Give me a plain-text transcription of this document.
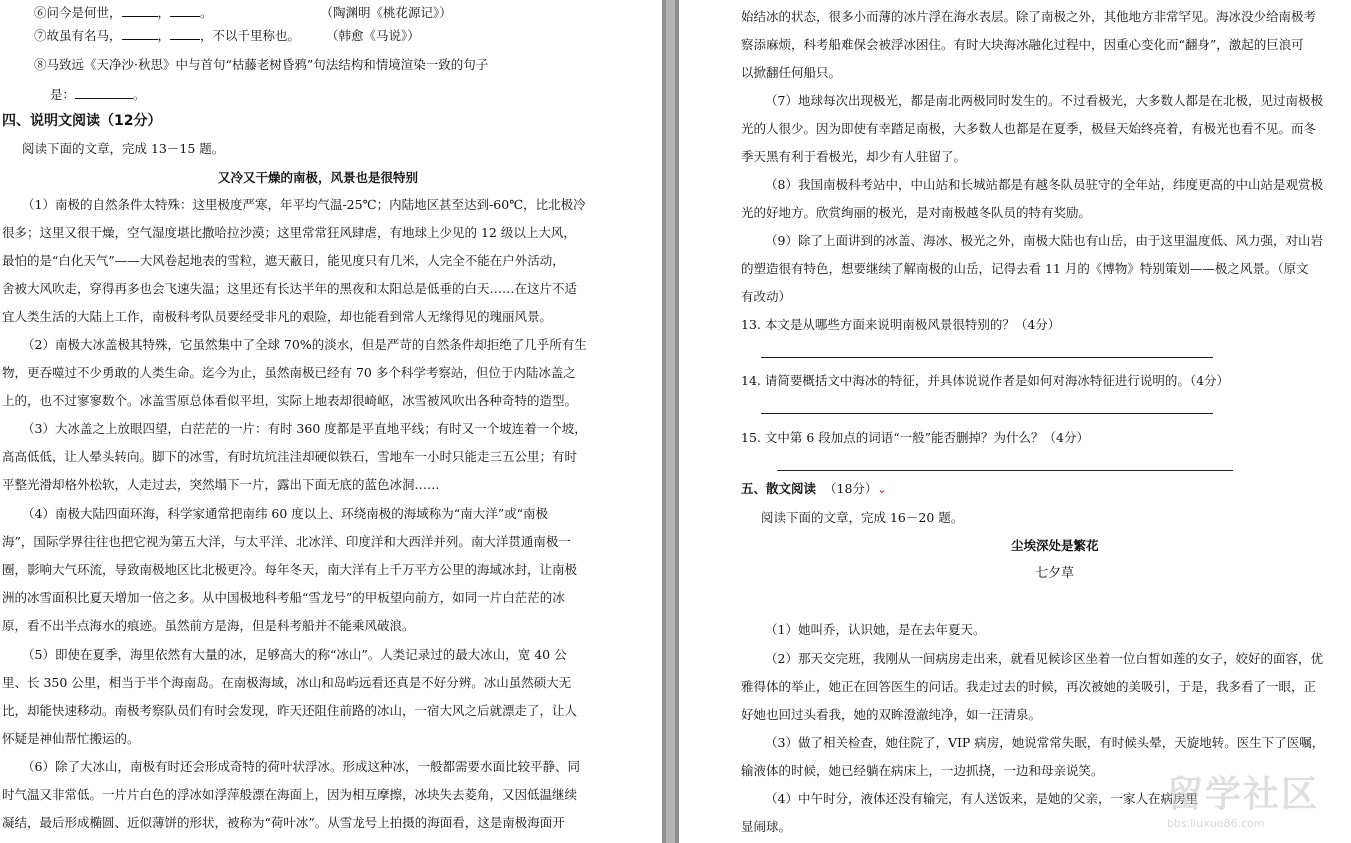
⑥问今是何世，	， 。	（陶渊明《桃花源记》）
⑦故虽有名马，	， ，不以千里称也。 （韩愈《马说》）
⑧马致远《天净沙·秋思》中与首句“枯藤老树昏鸦”句法结构和情境渲染一致的句子
是：	。
四、说明文阅读（12分）
阅读下面的文章，完成 13－15 题。
又冷又干燥的南极，风景也是很特别
（1）南极的自然条件太特殊：这里极度严寒，年平均气温-25℃；内陆地区甚至达到-60℃，比北极冷
很多；这里又很干燥，空气湿度堪比撒哈拉沙漠；这里常常狂风肆虐，有地球上少见的 12 级以上大风，
最怕的是“白化天气”——大风卷起地表的雪粒，遮天蔽日，能见度只有几米，人完全不能在户外活动，
舍被大风吹走，穿得再多也会飞速失温；这里还有长达半年的黑夜和太阳总是低垂的白天……在这片不适
宜人类生活的大陆上工作，南极科考队员要经受非凡的艰险，却也能看到常人无缘得见的瑰丽风景。
（2）南极大冰盖极其特殊，它虽然集中了全球 70%的淡水，但是严苛的自然条件却拒绝了几乎所有生
物，更吞噬过不少勇敢的人类生命。迄今为止，虽然南极已经有 70 多个科学考察站，但位于内陆冰盖之
上的，也不过寥寥数个。冰盖雪原总体看似平坦，实际上地表却很崎岖，冰雪被风吹出各种奇特的造型。
（3）大冰盖之上放眼四望，白茫茫的一片：有时 360 度都是平直地平线；有时又一个坡连着一个坡，
高高低低，让人晕头转向。脚下的冰雪，有时坑坑洼洼却硬似铁石，雪地车一小时只能走三五公里；有时
平整光滑却格外松软，人走过去，突然塌下一片，露出下面无底的蓝色冰洞……
（4）南极大陆四面环海，科学家通常把南纬 60 度以上、环绕南极的海域称为“南大洋”或“南极
海”，国际学界往往也把它视为第五大洋，与太平洋、北冰洋、印度洋和大西洋并列。南大洋贯通南极一
圈，影响大气环流，导致南极地区比北极更冷。每年冬天，南大洋有上千万平方公里的海域冰封，让南极
洲的冰雪面积比夏天增加一倍之多。从中国极地科考船“雪龙号”的甲板望向前方，如同一片白茫茫的冰
原，看不出半点海水的痕迹。虽然前方是海，但是科考船并不能乘风破浪。
（5）即使在夏季，海里依然有大量的冰，足够高大的称“冰山”。人类记录过的最大冰山，宽 40 公
里、长 350 公里，相当于半个海南岛。在南极海域，冰山和岛屿远看还真是不好分辨。冰山虽然硕大无
比，却能快速移动。南极考察队员们有时会发现，昨天还阻住前路的冰山，一宿大风之后就漂走了，让人
怀疑是神仙帮忙搬运的。
（6）除了大冰山，南极有时还会形成奇特的荷叶状浮冰。形成这种冰，一般都需要水面比较平静、同
时气温又非常低。一片片白色的浮冰如浮萍般漂在海面上，因为相互摩擦，冰块失去菱角，又因低温继续
凝结，最后形成椭圆、近似薄饼的形状，被称为“荷叶冰”。从雪龙号上拍摄的海面看，这是南极海面开
始结冰的状态，很多小而薄的冰片浮在海水表层。除了南极之外，其他地方非常罕见。海冰没少给南极考
察添麻烦，科考船难保会被浮冰困住。有时大块海冰融化过程中，因重心变化而“翻身”，激起的巨浪可
以掀翻任何船只。
（7）地球每次出现极光，都是南北两极同时发生的。不过看极光，大多数人都是在北极，见过南极极
光的人很少。因为即使有幸踏足南极，大多数人也都是在夏季，极昼天始终亮着，有极光也看不见。而冬
季天黑有利于看极光，却少有人驻留了。
（8）我国南极科考站中，中山站和长城站都是有越冬队员驻守的全年站，纬度更高的中山站是观赏极
光的好地方。欣赏绚丽的极光，是对南极越冬队员的特有奖励。
（9）除了上面讲到的冰盖、海冰、极光之外，南极大陆也有山岳，由于这里温度低、风力强，对山岩
的塑造很有特色，想要继续了解南极的山岳，记得去看 11 月的《博物》特别策划——极之风景。（原文
有改动）
13. 本文是从哪些方面来说明南极风景很特别的？（4分）
14. 请简要概括文中海冰的特征，并具体说说作者是如何对海冰特征进行说明的。（4分）
15. 文中第 6 段加点的词语“一般”能否删掉？为什么？（4分）
五、散文阅读 （18分）⌄
阅读下面的文章，完成 16－20 题。
尘埃深处是繁花
七夕草
（1）她叫乔，认识她，是在去年夏天。
（2）那天交完班，我刚从一间病房走出来，就看见候诊区坐着一位白皙如莲的女子，姣好的面容，优
雅得体的举止，她正在回答医生的问话。我走过去的时候，再次被她的美吸引，于是，我多看了一眼，正
好她也回过头看我，她的双眸澄澈纯净，如一汪清泉。
（3）做了相关检查，她住院了，VIP 病房，她说常常失眠，有时候头晕，天旋地转。医生下了医嘱，
输液体的时候，她已经躺在病床上，一边抓挠，一边和母亲说笑。
（4）中午时分，液体还没有输完，有人送饭来，是她的父亲，一家人在病房里
显闹球。
留学社区
bbs.liuxue86.com
